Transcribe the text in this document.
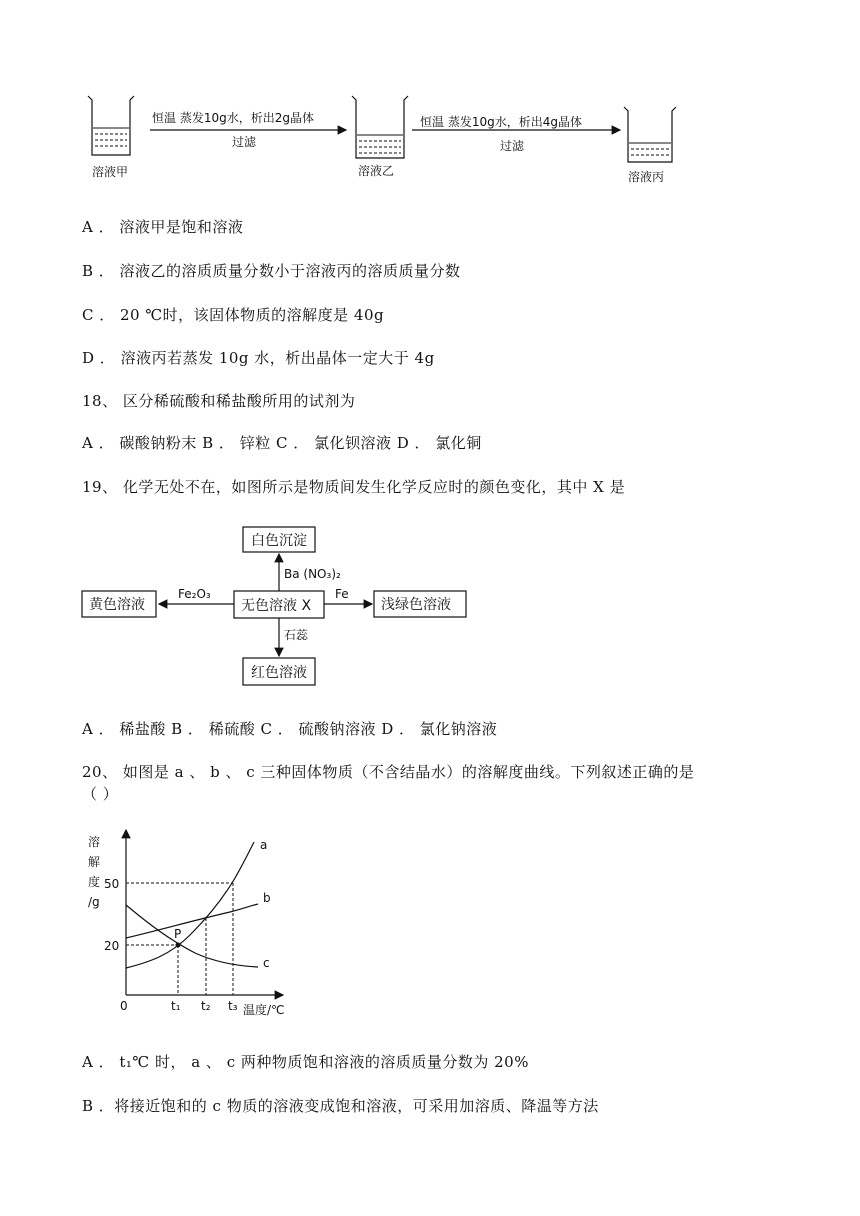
恒温 蒸发10g水，析出2g晶体
过滤
恒温 蒸发10g水，析出4g晶体
过滤
溶液甲	溶液乙	溶液丙
A ． 溶液甲是饱和溶液
B ． 溶液乙的溶质质量分数小于溶液丙的溶质质量分数
C ． 20 ℃时，该固体物质的溶解度是 40g
D ． 溶液丙若蒸发 10g 水，析出晶体一定大于 4g
18、 区分稀硫酸和稀盐酸所用的试剂为
A ． 碳酸钠粉末 B ． 锌粒 C ． 氯化钡溶液 D ． 氯化铜
19、 化学无处不在，如图所示是物质间发生化学反应时的颜色变化，其中 X 是
无色溶液 X
白色沉淀
黄色溶液	浅绿色溶液
红色溶液
Ba (NO₃)₂
Fe₂O₃	Fe
石蕊
A ． 稀盐酸 B ． 稀硫酸 C ． 硫酸钠溶液 D ． 氯化钠溶液
20、 如图是 a 、 b 、 c 三种固体物质（不含结晶水）的溶解度曲线。下列叙述正确的是
（ ）
溶
解
度
/g
50
20
0	t₁ t₂ t₃ 温度/℃
P
a
b
c
A ． t₁℃ 时， a 、 c 两种物质饱和溶液的溶质质量分数为 20%
B ．将接近饱和的 c 物质的溶液变成饱和溶液，可采用加溶质、降温等方法
